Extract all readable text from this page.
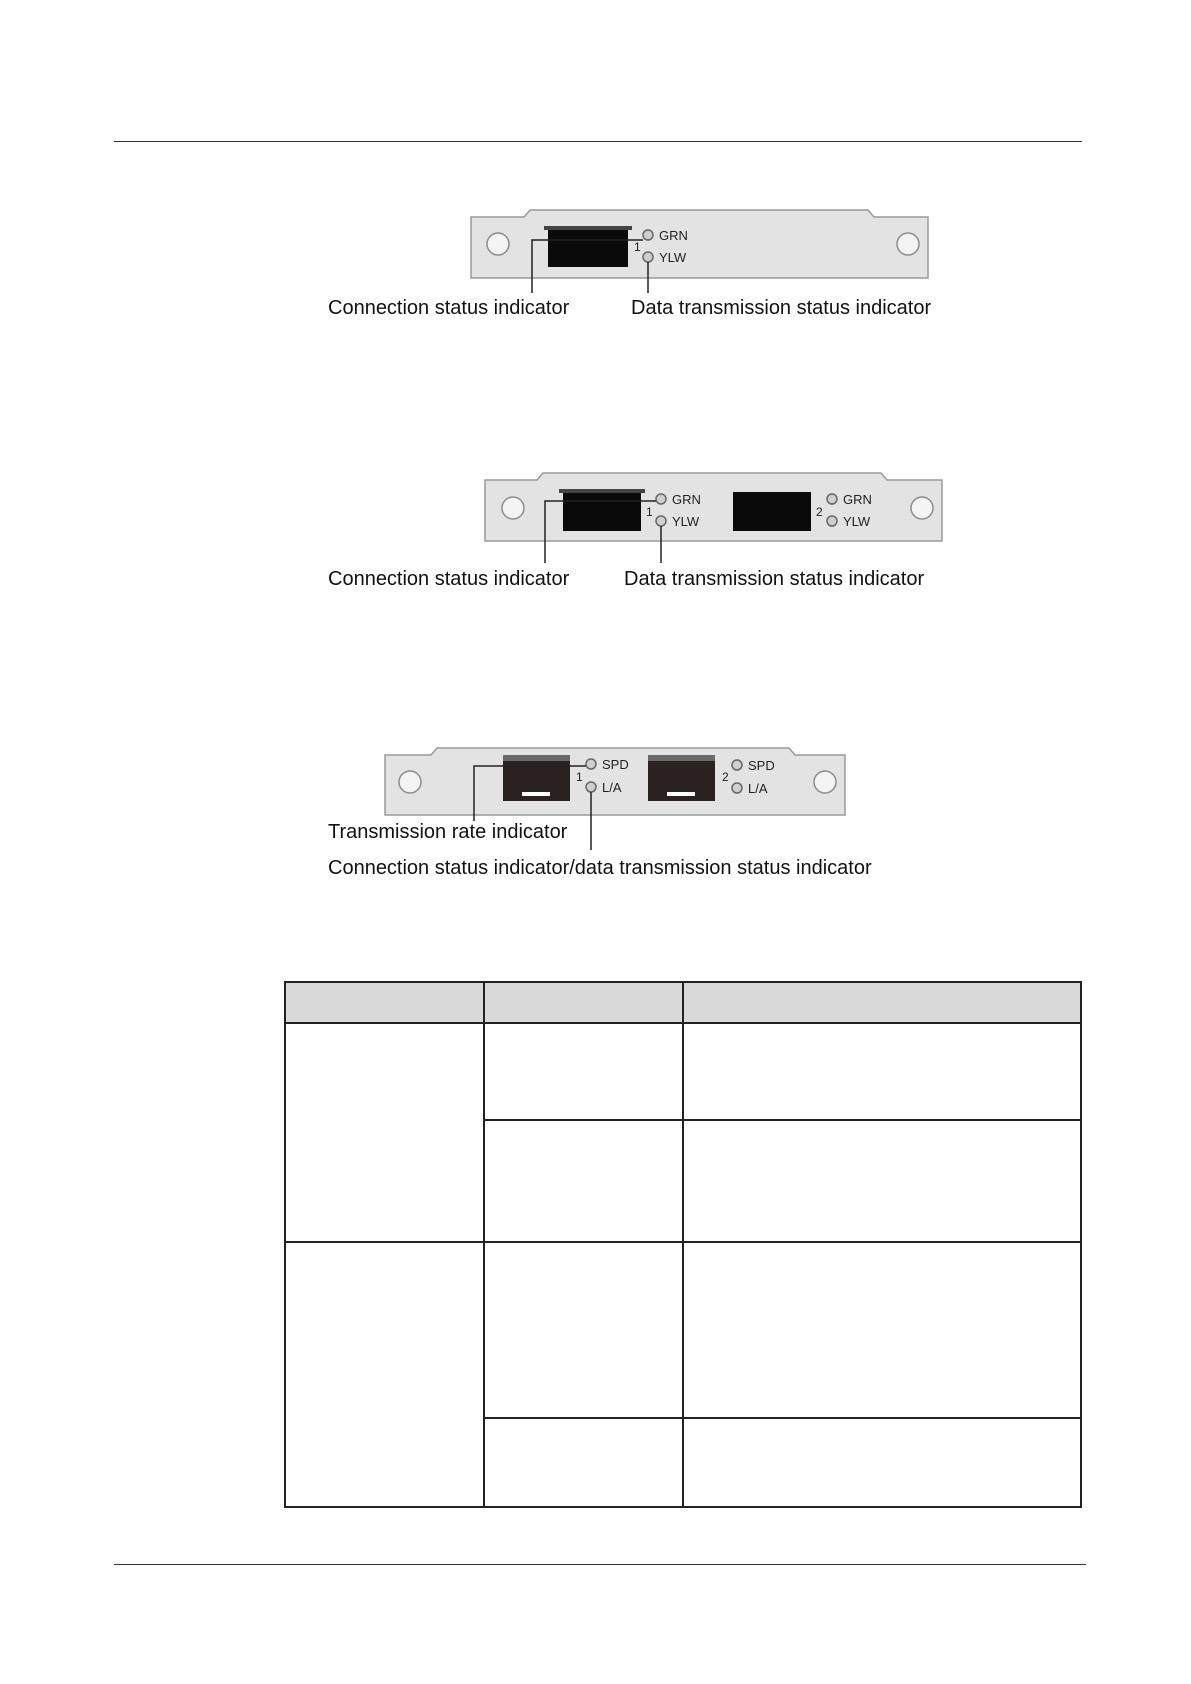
1
GRN
YLW
Connection status indicator	Data transmission status indicator
1
GRN
YLW
2
GRN
YLW
Connection status indicator	Data transmission status indicator
1
SPD
L/A
2
SPD
L/A
Transmission rate indicator
Connection status indicator/data transmission status indicator
